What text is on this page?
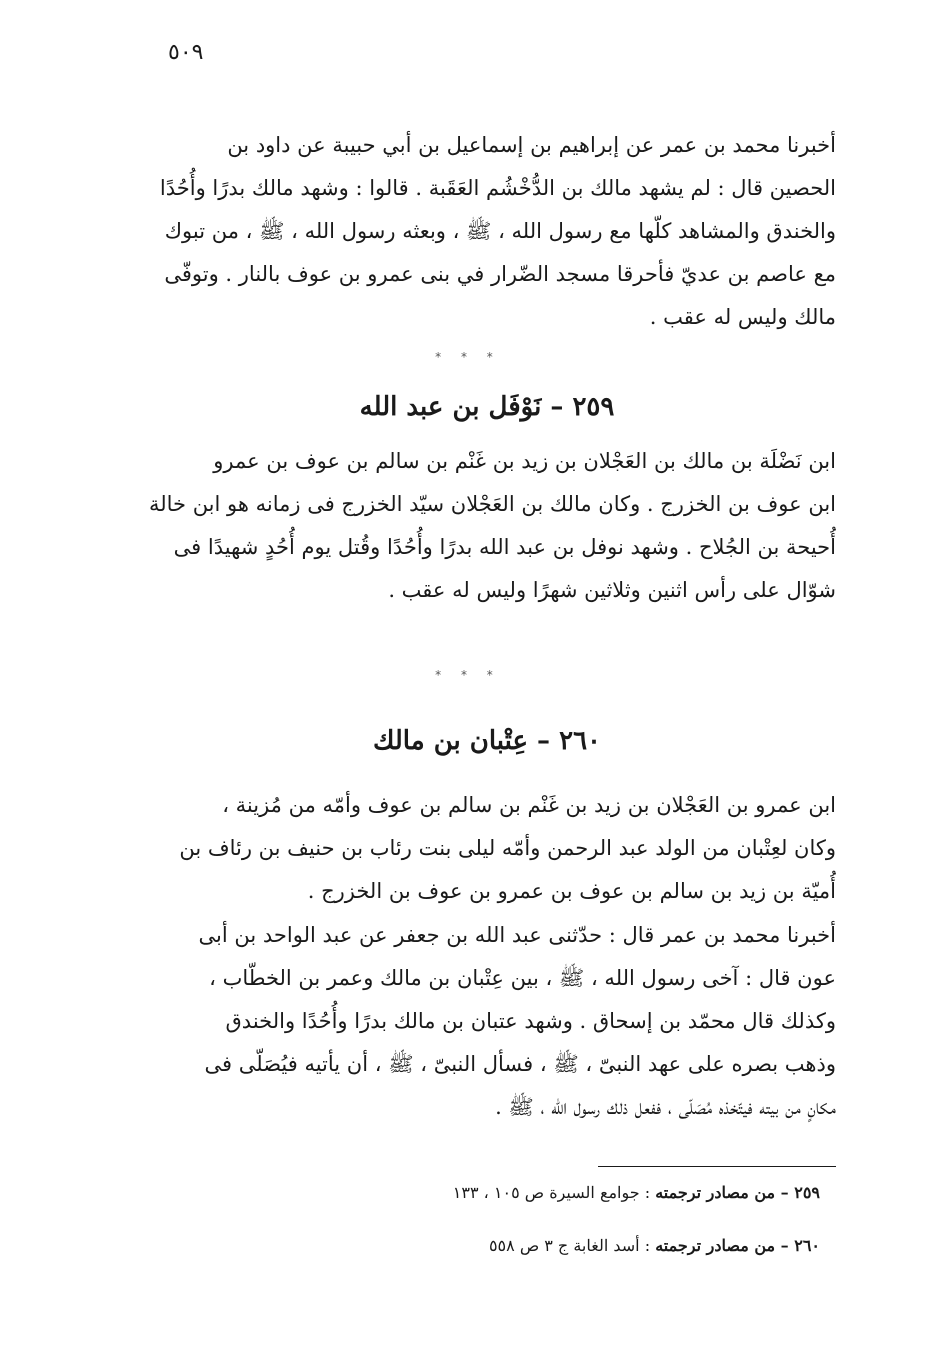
٥٠٩
أخبرنا محمد بن عمر عن إبراهيم بن إسماعيل بن أبي حبيبة عن داود بن
الحصين قال : لم يشهد مالك بن الدُّخْشُم العَقَبة . قالوا : وشهد مالك بدرًا وأُحُدًا
والخندق والمشاهد كلّها مع رسول الله ، ﷺ ، وبعثه رسول الله ، ﷺ ، من تبوك
مع عاصم بن عديّ فأحرقا مسجد الضّرار في بنى عمرو بن عوف بالنار . وتوفّى
مالك وليس له عقب .
* * *
٢٥٩ – نَوْفَل بن عبد الله
ابن نَضْلَة بن مالك بن العَجْلان بن زيد بن غَنْم بن سالم بن عوف بن عمرو
ابن عوف بن الخزرج . وكان مالك بن العَجْلان سيّد الخزرج فى زمانه هو ابن خالة
أُحيحة بن الجُلاح . وشهد نوفل بن عبد الله بدرًا وأُحُدًا وقُتل يوم أُحُدٍ شهيدًا فى
شوّال على رأس اثنين وثلاثين شهرًا وليس له عقب .
* * *
٢٦٠ – عِتْبان بن مالك
ابن عمرو بن العَجْلان بن زيد بن غَنْم بن سالم بن عوف وأمّه من مُزينة ،
وكان لعِتْبان من الولد عبد الرحمن وأمّه ليلى بنت رئاب بن حنيف بن رئاف بن
أُميّة بن زيد بن سالم بن عوف بن عمرو بن عوف بن الخزرج .
أخبرنا محمد بن عمر قال : حدّثنى عبد الله بن جعفر عن عبد الواحد بن أبى
عون قال : آخى رسول الله ، ﷺ ، بين عِتْبان بن مالك وعمر بن الخطّاب ،
وكذلك قال محمّد بن إسحاق . وشهد عتبان بن مالك بدرًا وأُحُدًا والخندق
وذهب بصره على عهد النبىّ ، ﷺ ، فسأل النبىّ ، ﷺ ، أن يأتيه فيُصَلّى فى
مكانٍ من بيته فيتّخذه مُصَلّى ، ففعل ذلك رسول الله ، ﷺ .
٢٥٩ – من مصادر ترجمته : جوامع السيرة ص ١٠٥ ، ١٣٣
٢٦٠ – من مصادر ترجمته : أسد الغابة ج ٣ ص ٥٥٨
